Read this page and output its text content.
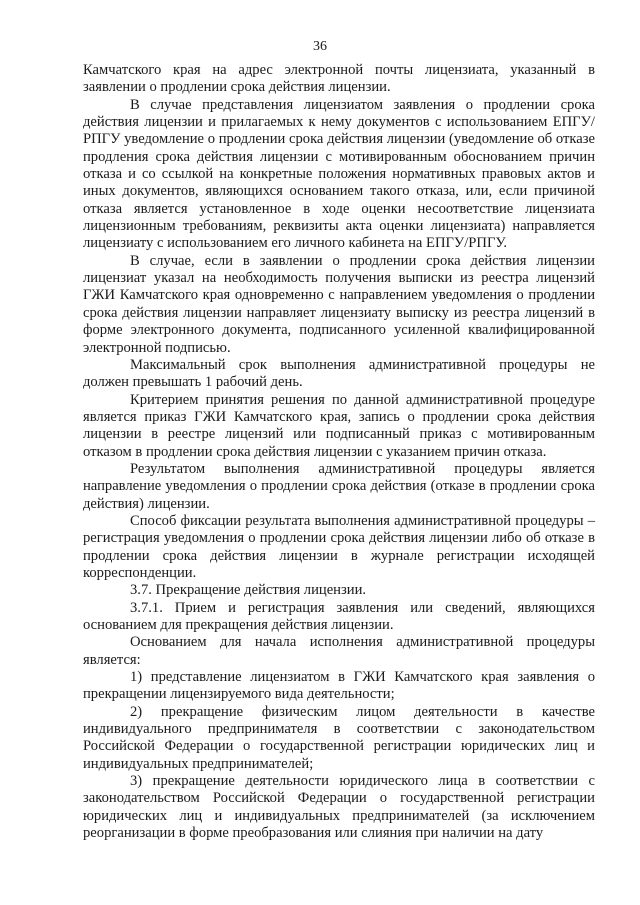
36

Камчатского края на адрес электронной почты лицензиата, указанный в заявлении о продлении срока действия лицензии.

В случае представления лицензиатом заявления о продлении срока действия лицензии и прилагаемых к нему документов с использованием ЕПГУ/РПГУ уведомление о продлении срока действия лицензии (уведомление об отказе продления срока действия лицензии с мотивированным обоснованием причин отказа и со ссылкой на конкретные положения нормативных правовых актов и иных документов, являющихся основанием такого отказа, или, если причиной отказа является установленное в ходе оценки несоответствие лицензиата лицензионным требованиям, реквизиты акта оценки лицензиата) направляется лицензиату с использованием его личного кабинета на ЕПГУ/РПГУ.

В случае, если в заявлении о продлении срока действия лицензии лицензиат указал на необходимость получения выписки из реестра лицензий ГЖИ Камчатского края одновременно с направлением уведомления о продлении срока действия лицензии направляет лицензиату выписку из реестра лицензий в форме электронного документа, подписанного усиленной квалифицированной электронной подписью.

Максимальный срок выполнения административной процедуры не должен превышать 1 рабочий день.

Критерием принятия решения по данной административной процедуре является приказ ГЖИ Камчатского края, запись о продлении срока действия лицензии в реестре лицензий или подписанный приказ с мотивированным отказом в продлении срока действия лицензии с указанием причин отказа.

Результатом выполнения административной процедуры является направление уведомления о продлении срока действия (отказе в продлении срока действия) лицензии.

Способ фиксации результата выполнения административной процедуры – регистрация уведомления о продлении срока действия лицензии либо об отказе в продлении срока действия лицензии в журнале регистрации исходящей корреспонденции.

3.7. Прекращение действия лицензии.

3.7.1. Прием и регистрация заявления или сведений, являющихся основанием для прекращения действия лицензии.

Основанием для начала исполнения административной процедуры является:

1) представление лицензиатом в ГЖИ Камчатского края заявления о прекращении лицензируемого вида деятельности;

2) прекращение физическим лицом деятельности в качестве индивидуального предпринимателя в соответствии с законодательством Российской Федерации о государственной регистрации юридических лиц и индивидуальных предпринимателей;

3) прекращение деятельности юридического лица в соответствии с законодательством Российской Федерации о государственной регистрации юридических лиц и индивидуальных предпринимателей (за исключением реорганизации в форме преобразования или слияния при наличии на дату
